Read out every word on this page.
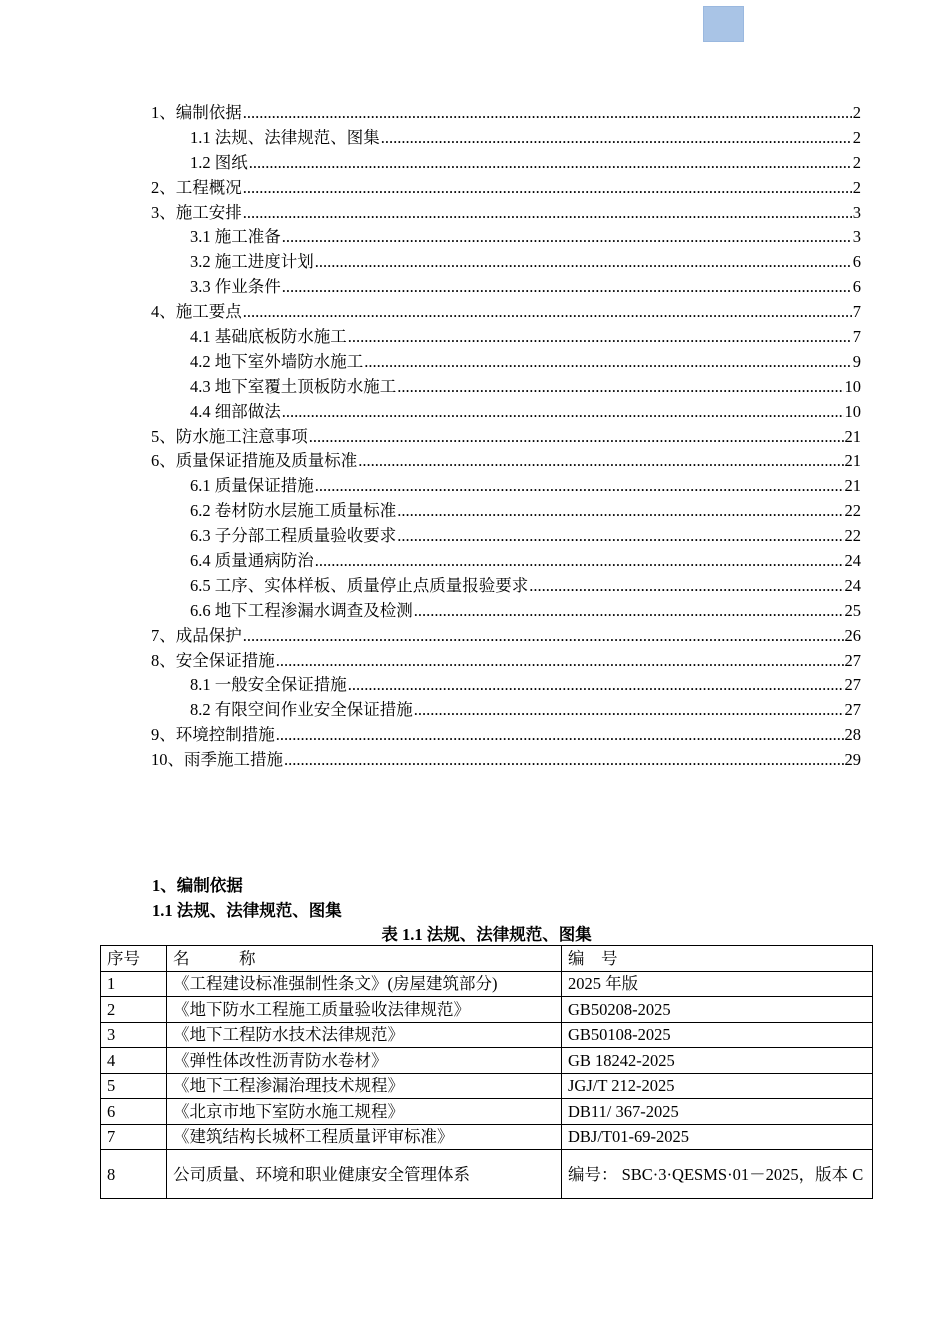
1、编制依据 .....	2
1.1 法规、法律规范、图集 .....	2
1.2 图纸 .....	2
2、工程概况 .....	2
3、施工安排 .....	3
3.1 施工准备 .....	3
3.2 施工进度计划 .....	6
3.3 作业条件 .....	6
4、施工要点 .....	7
4.1 基础底板防水施工 .....	7
4.2 地下室外墙防水施工 .....	9
4.3 地下室覆土顶板防水施工 .....	10
4.4 细部做法 .....	10
5、防水施工注意事项 .....	21
6、质量保证措施及质量标准 .....	21
6.1 质量保证措施 .....	21
6.2 卷材防水层施工质量标准 .....	22
6.3 子分部工程质量验收要求 .....	22
6.4 质量通病防治 .....	24
6.5 工序、实体样板、质量停止点质量报验要求 .....	24
6.6 地下工程渗漏水调查及检测 .....	25
7、成品保护 .....	26
8、安全保证措施 .....	27
8.1 一般安全保证措施 .....	27
8.2 有限空间作业安全保证措施 .....	27
9、环境控制措施 .....	28
10、雨季施工措施 .....	29
1、编制依据
1.1 法规、法律规范、图集
表 1.1 法规、法律规范、图集
序号	名　　　称	编　号
1	《工程建设标准强制性条文》(房屋建筑部分)	2025 年版
2	《地下防水工程施工质量验收法律规范》	GB50208-2025
3	《地下工程防水技术法律规范》	GB50108-2025
4	《弹性体改性沥青防水卷材》	GB 18242-2025
5	《地下工程渗漏治理技术规程》	JGJ/T 212-2025
6	《北京市地下室防水施工规程》	DB11/ 367-2025
7	《建筑结构长城杯工程质量评审标准》	DBJ/T01-69-2025
8	公司质量、环境和职业健康安全管理体系	编号： SBC·3·QESMS·01－2025，版本 C
